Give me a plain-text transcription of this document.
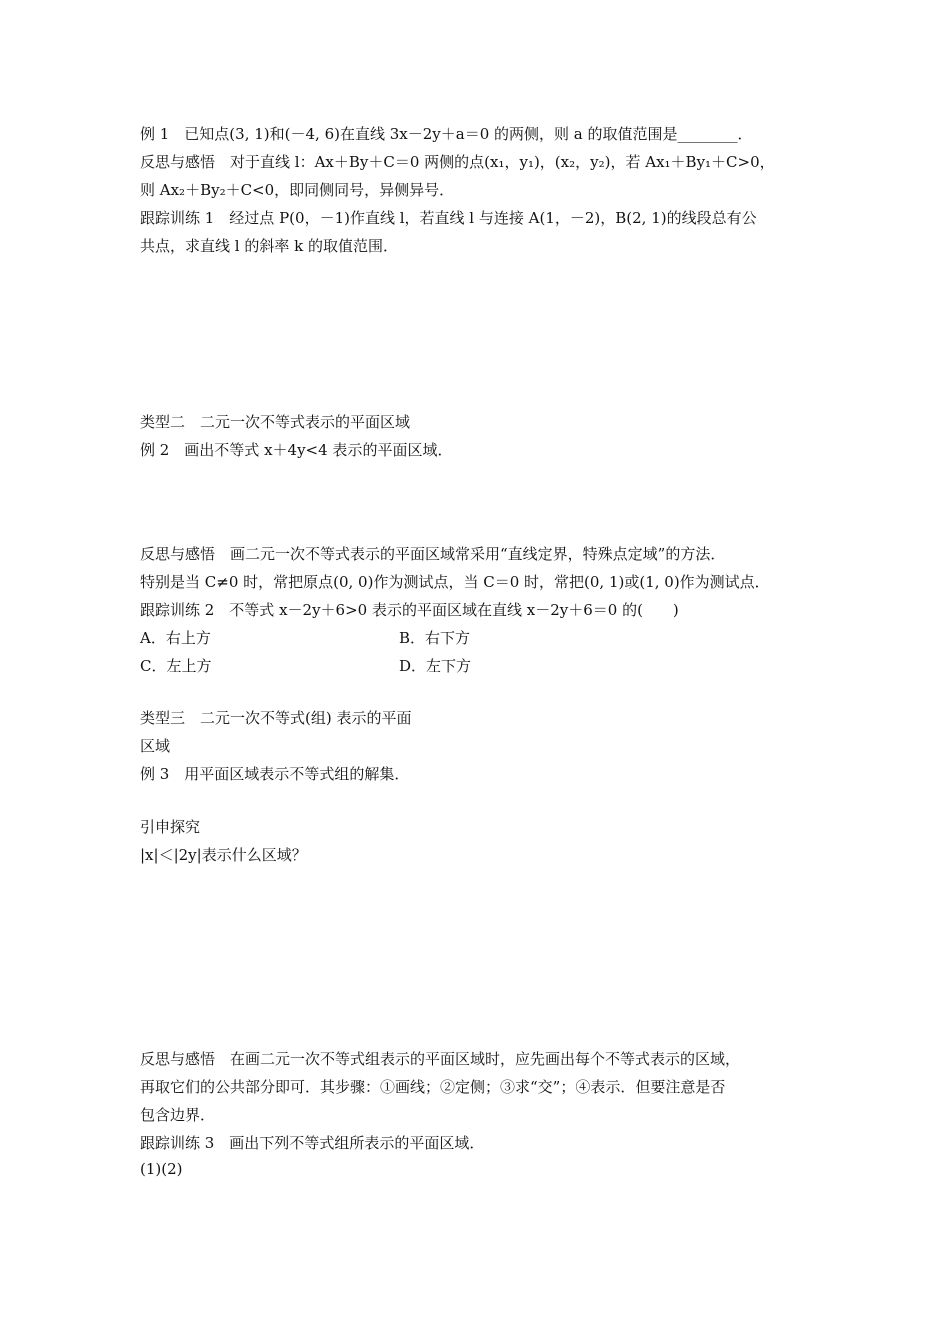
例 1　已知点(3, 1)和(－4, 6)在直线 3x－2y＋a＝0 的两侧，则 a 的取值范围是________．
反思与感悟　对于直线 l：Ax＋By＋C＝0 两侧的点(x₁，y₁)，(x₂，y₂)，若 Ax₁＋By₁＋C>0，
则 Ax₂＋By₂＋C<0，即同侧同号，异侧异号．
跟踪训练 1　经过点 P(0，－1)作直线 l，若直线 l 与连接 A(1，－2)，B(2, 1)的线段总有公
共点，求直线 l 的斜率 k 的取值范围．
类型二　二元一次不等式表示的平面区域
例 2　画出不等式 x＋4y<4 表示的平面区域．
反思与感悟　画二元一次不等式表示的平面区域常采用“直线定界，特殊点定域”的方法．
特别是当 C≠0 时，常把原点(0, 0)作为测试点，当 C＝0 时，常把(0, 1)或(1, 0)作为测试点．
跟踪训练 2　不等式 x－2y＋6>0 表示的平面区域在直线 x－2y＋6＝0 的(　　)
A．右上方	B．右下方
C．左上方	D．左下方
类型三　二元一次不等式(组) 表示的平面
区域
例 3　用平面区域表示不等式组的解集．
引申探究
|x|＜|2y|表示什么区域？
反思与感悟　在画二元一次不等式组表示的平面区域时，应先画出每个不等式表示的区域，
再取它们的公共部分即可．其步骤：①画线；②定侧；③求“交”；④表示．但要注意是否
包含边界．
跟踪训练 3　画出下列不等式组所表示的平面区域．
(1)(2)
